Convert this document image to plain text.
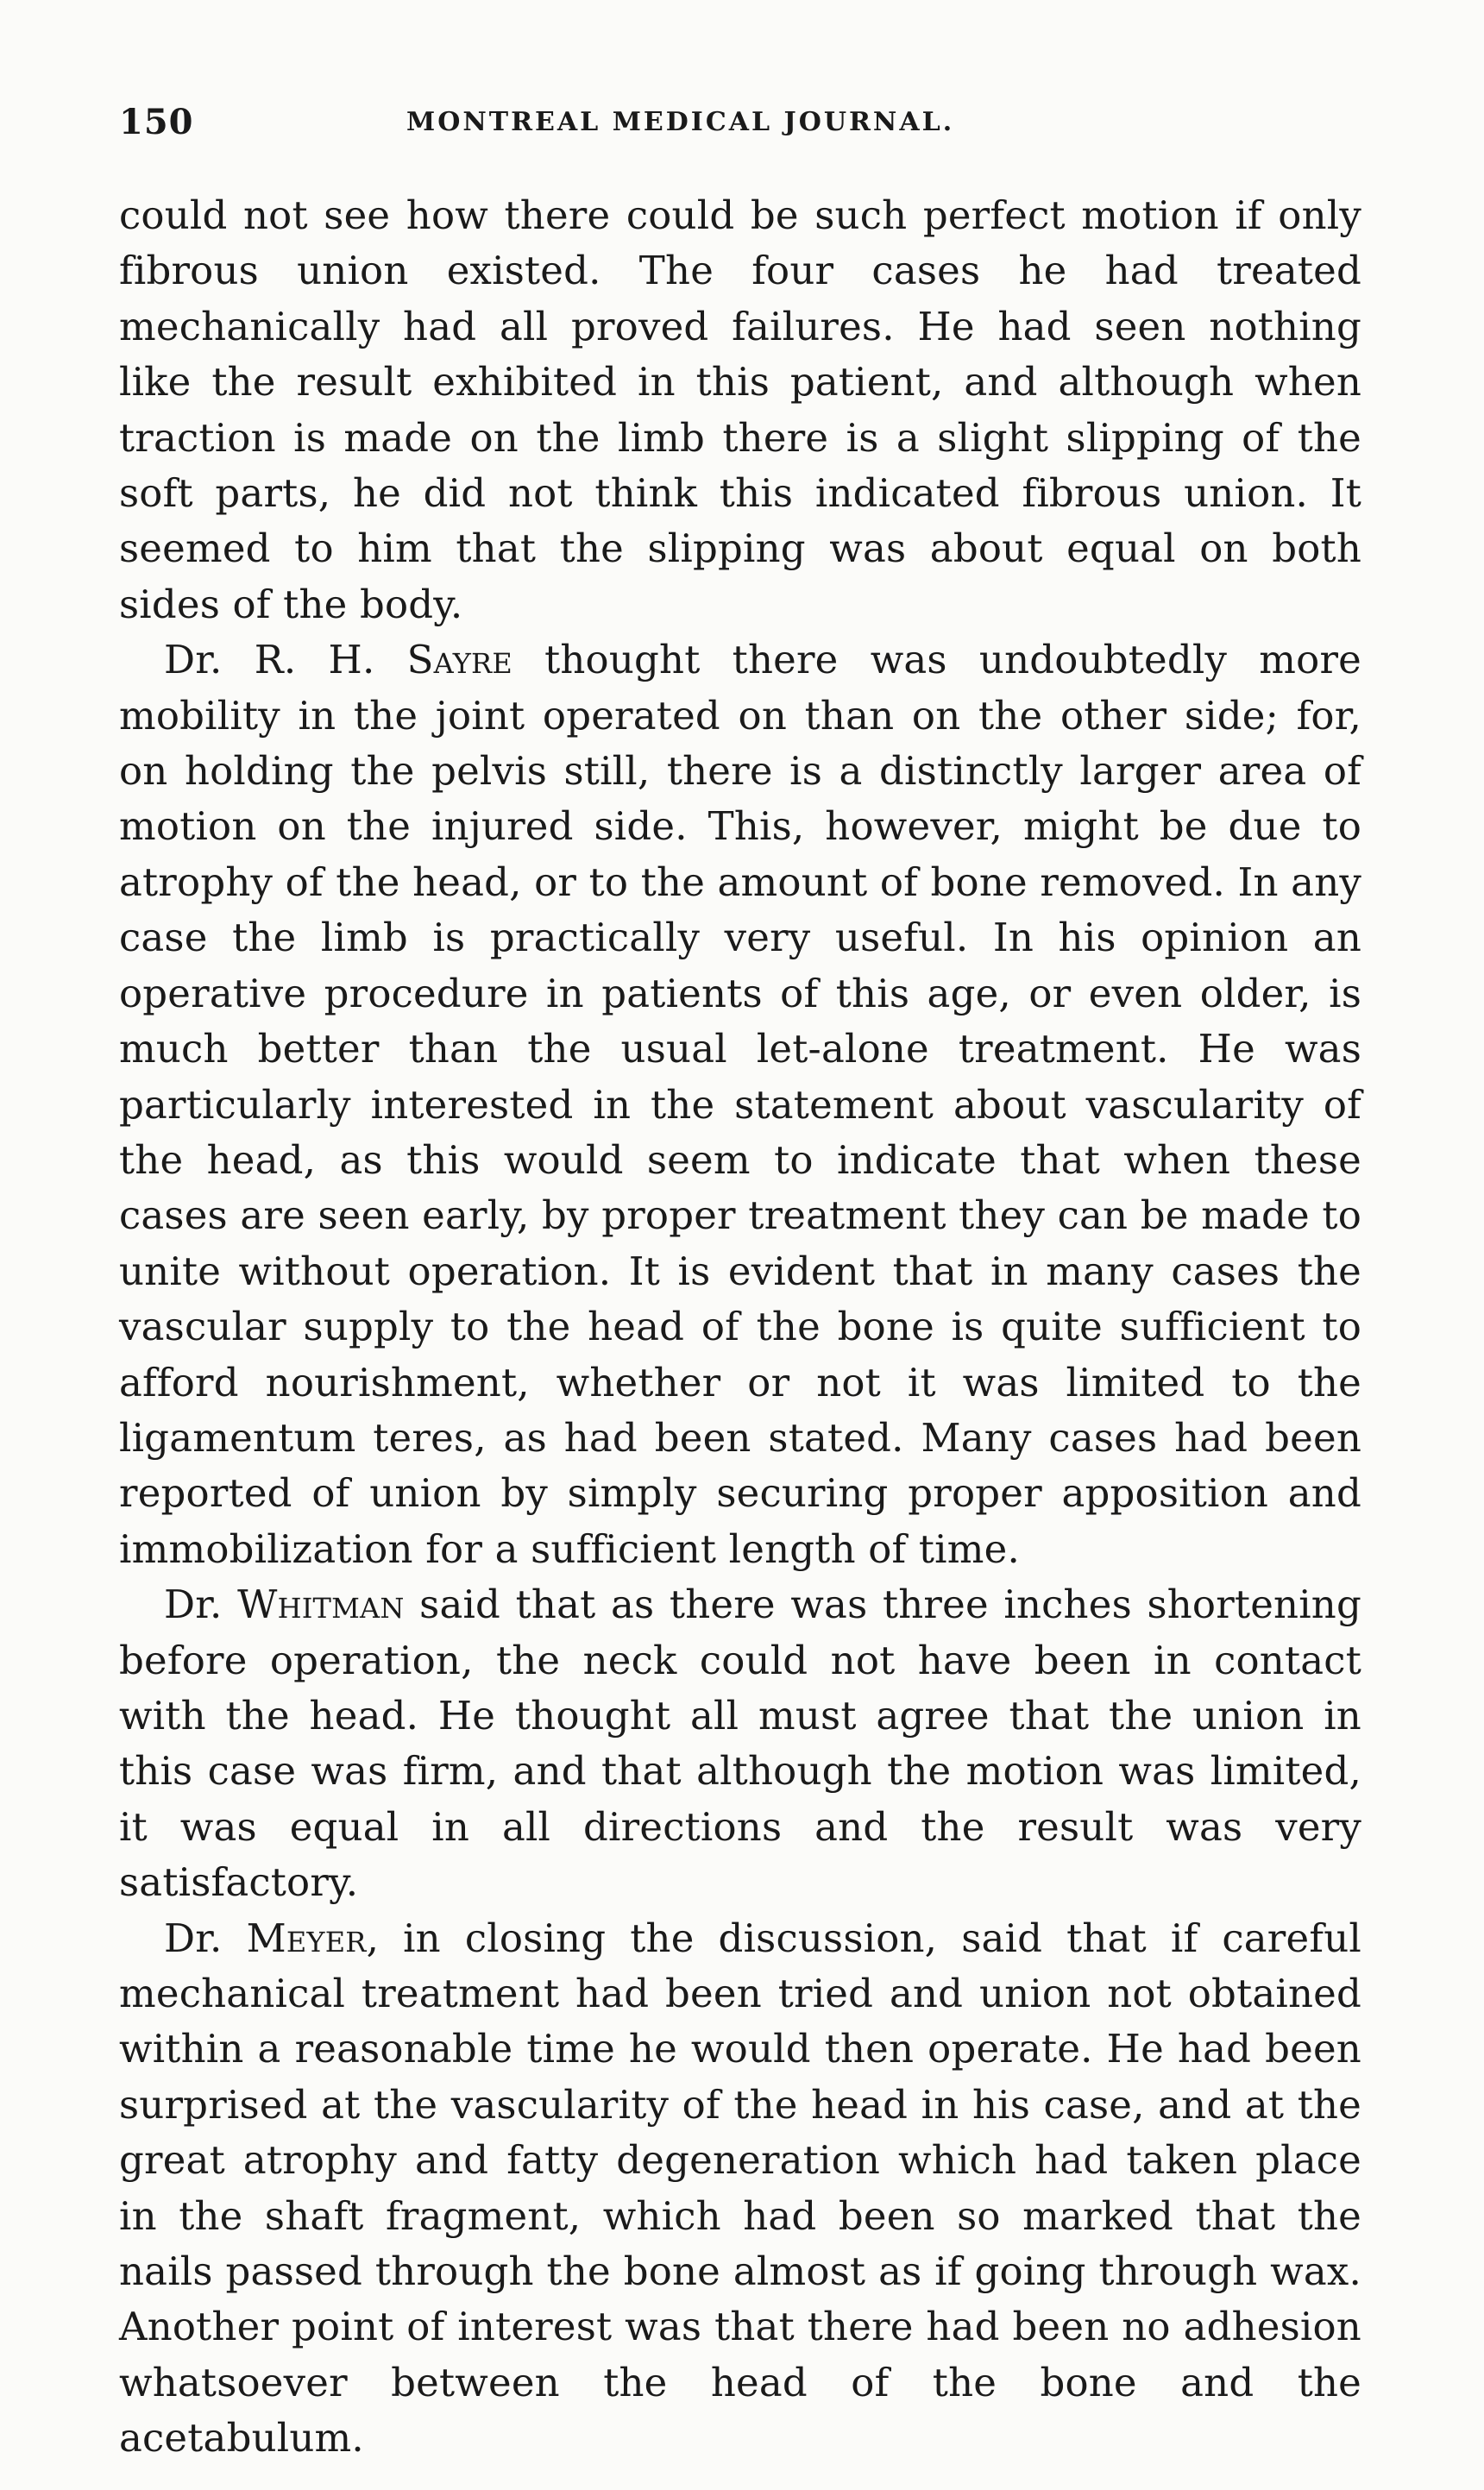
150	MONTREAL MEDICAL JOURNAL.

could not see how there could be such perfect motion if only fibrous union existed. The four cases he had treated mechanically had all proved failures. He had seen nothing like the result exhibited in this patient, and although when traction is made on the limb there is a slight slipping of the soft parts, he did not think this indicated fibrous union. It seemed to him that the slipping was about equal on both sides of the body.

Dr. R. H. Sayre thought there was undoubtedly more mobility in the joint operated on than on the other side; for, on holding the pelvis still, there is a distinctly larger area of motion on the injured side. This, however, might be due to atrophy of the head, or to the amount of bone removed. In any case the limb is practically very useful. In his opinion an operative procedure in patients of this age, or even older, is much better than the usual let-alone treatment. He was particularly interested in the statement about vascularity of the head, as this would seem to indicate that when these cases are seen early, by proper treatment they can be made to unite without operation. It is evident that in many cases the vascular supply to the head of the bone is quite sufficient to afford nourishment, whether or not it was limited to the ligamentum teres, as had been stated. Many cases had been reported of union by simply securing proper apposition and immobilization for a sufficient length of time.

Dr. Whitman said that as there was three inches shortening before operation, the neck could not have been in contact with the head. He thought all must agree that the union in this case was firm, and that although the motion was limited, it was equal in all directions and the result was very satisfactory.

Dr. Meyer, in closing the discussion, said that if careful mechanical treatment had been tried and union not obtained within a reasonable time he would then operate. He had been surprised at the vascularity of the head in his case, and at the great atrophy and fatty degeneration which had taken place in the shaft fragment, which had been so marked that the nails passed through the bone almost as if going through wax. Another point of interest was that there had been no adhesion whatsoever between the head of the bone and the acetabulum.
